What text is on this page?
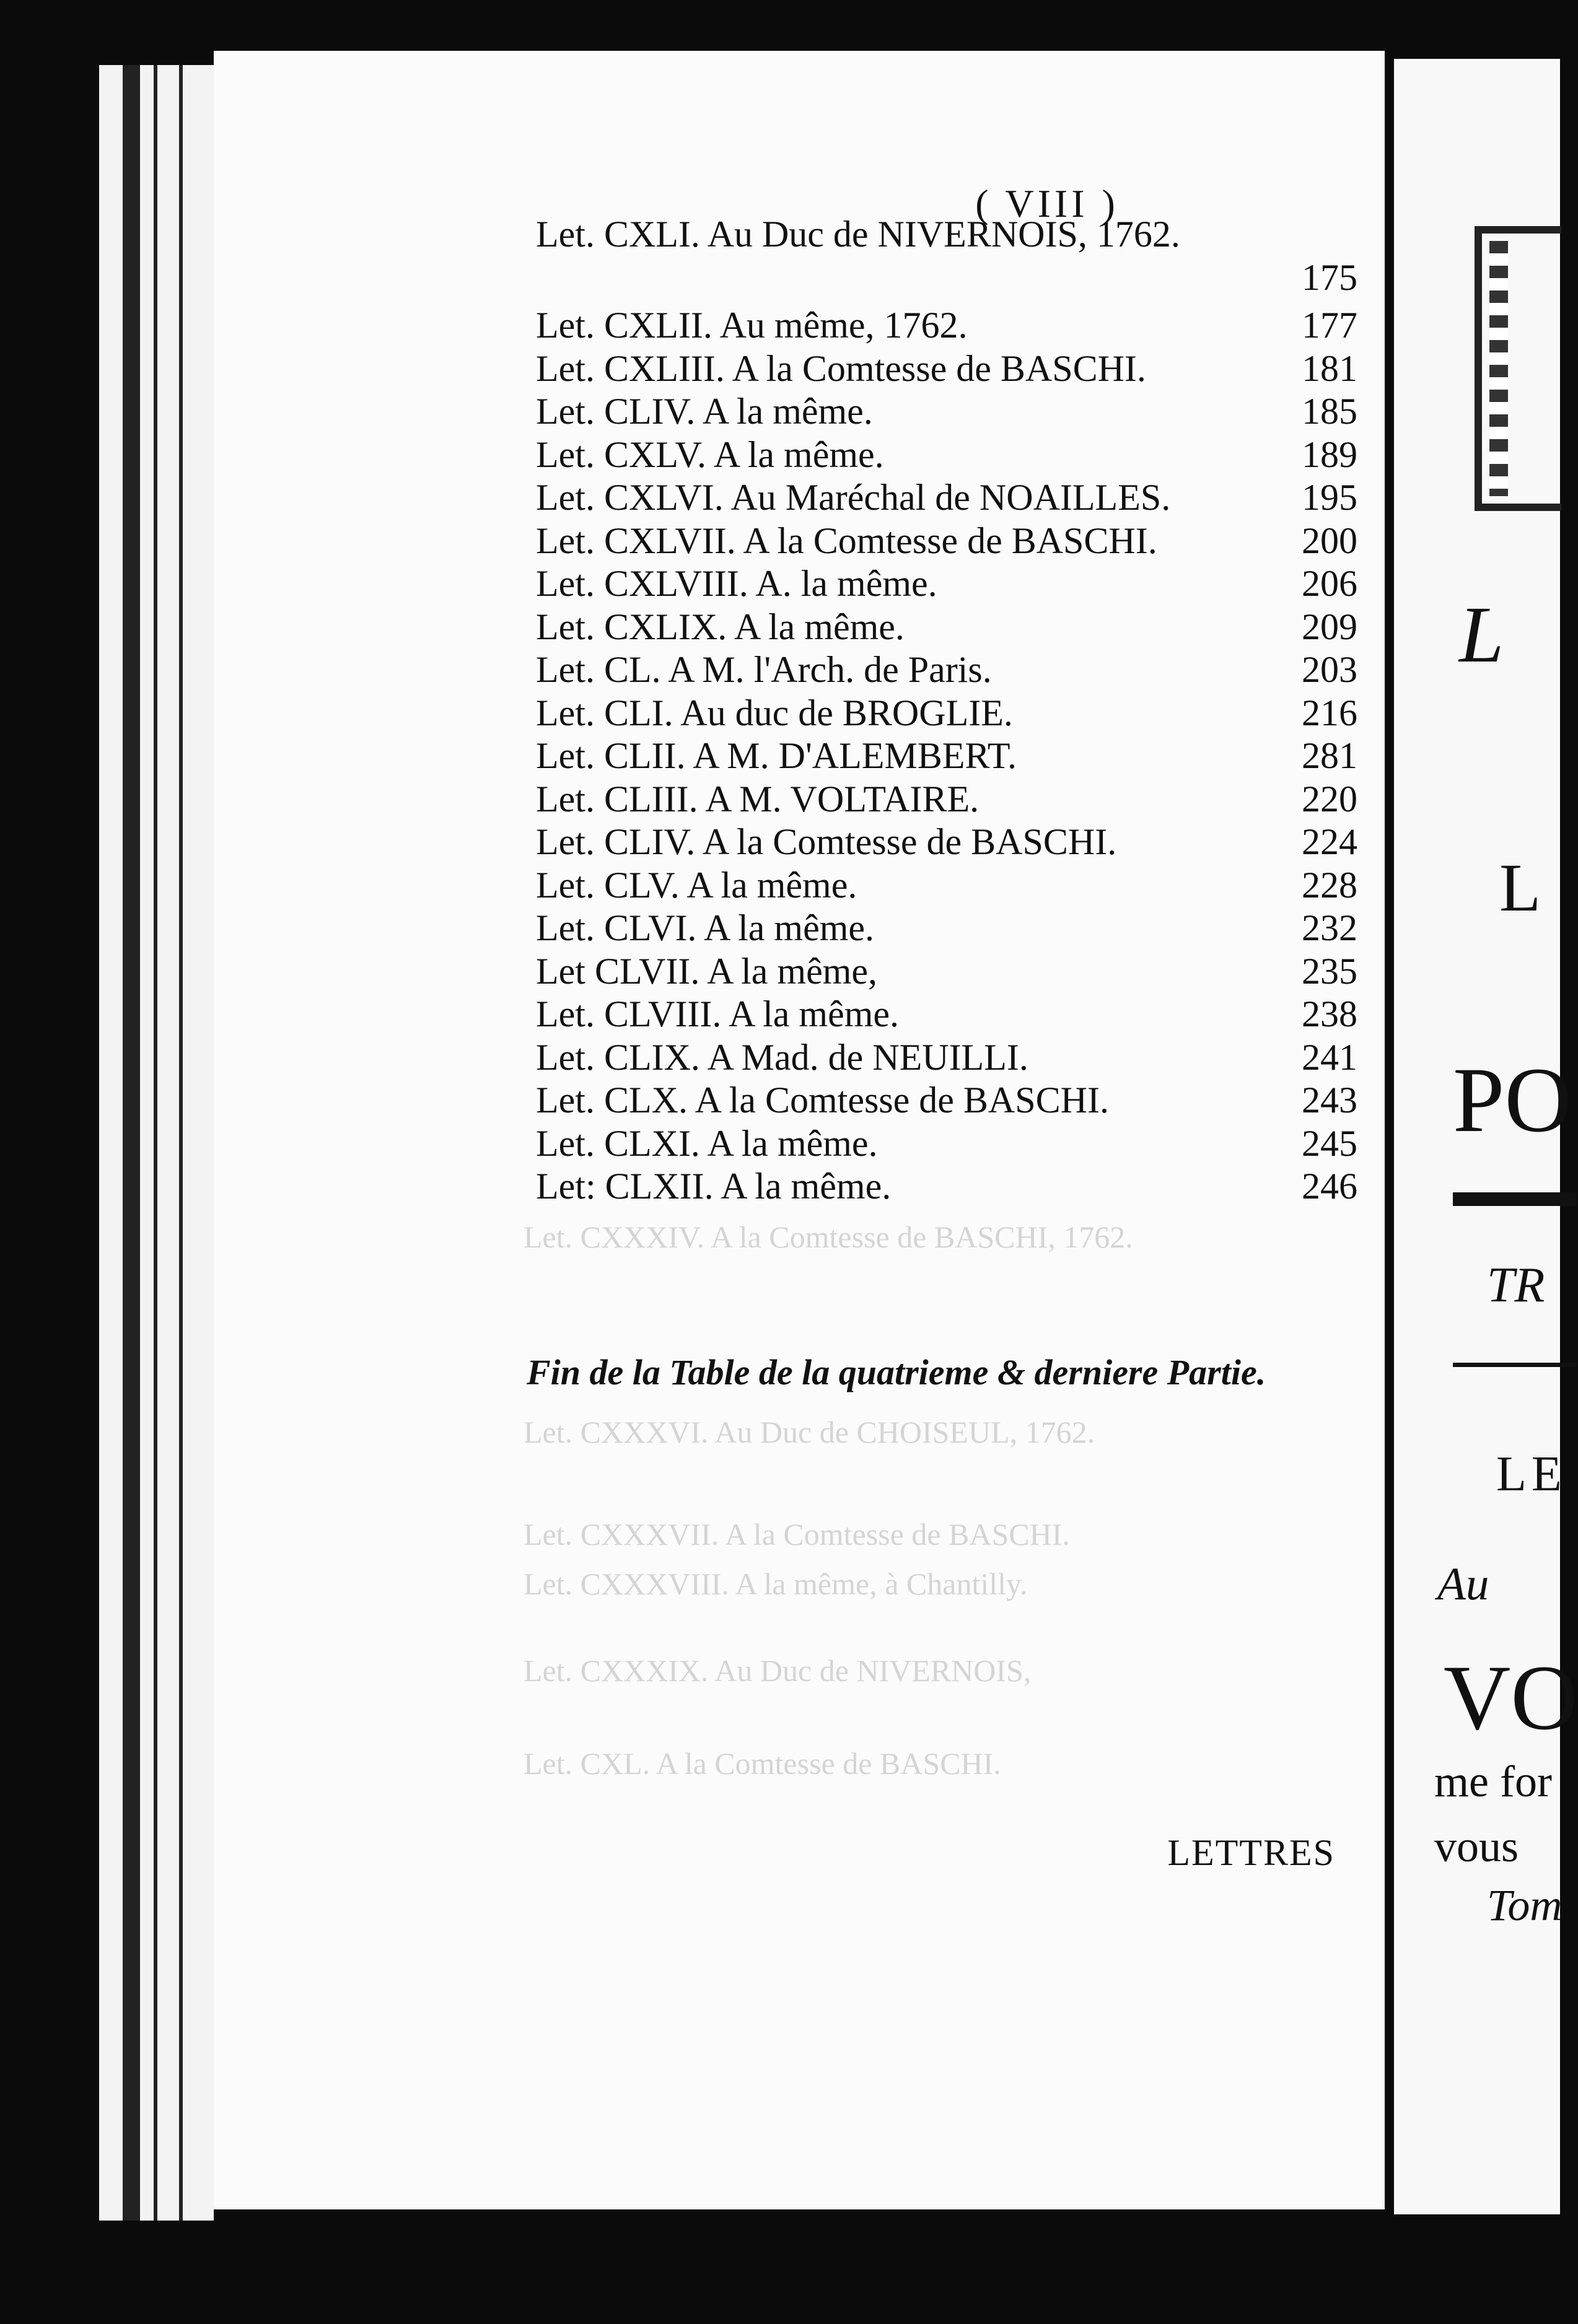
( VIII )
Let. CXLI. Au Duc de NIVERNOIS, 1762.
175
Let. CXLII. Au même, 1762.	177
Let. CXLIII. A la Comtesse de BASCHI.	181
Let. CLIV. A la même.	185
Let. CXLV. A la même.	189
Let. CXLVI. Au Maréchal de NOAILLES.	195
Let. CXLVII. A la Comtesse de BASCHI.	200
Let. CXLVIII. A. la même.	206
Let. CXLIX. A la même.	209
Let. CL. A M. l'Arch. de Paris.	203
Let. CLI. Au duc de BROGLIE.	216
Let. CLII. A M. D'ALEMBERT.	281
Let. CLIII. A M. VOLTAIRE.	220
Let. CLIV. A la Comtesse de BASCHI.	224
Let. CLV. A la même.	228
Let. CLVI. A la même.	232
Let CLVII. A la même,	235
Let. CLVIII. A la même.	238
Let. CLIX. A Mad. de NEUILLI.	241
Let. CLX. A la Comtesse de BASCHI.	243
Let. CLXI. A la même.	245
Let: CLXII. A la même.	246
Let. CXXXIV. A la Comtesse de BASCHI, 1762.
Let. CXXXVI. Au Duc de CHOISEUL, 1762.
Let. CXXXVII. A la Comtesse de BASCHI.
Let. CXXXVIII. A la même, à Chantilly.
Let. CXXXIX. Au Duc de NIVERNOIS,
Let. CXL. A la Comtesse de BASCHI.
Fin de la Table de la quatrieme & derniere Partie.
LETTRES
L
L
PO
TR
LE
Au
VO
me for
vous
Tom
